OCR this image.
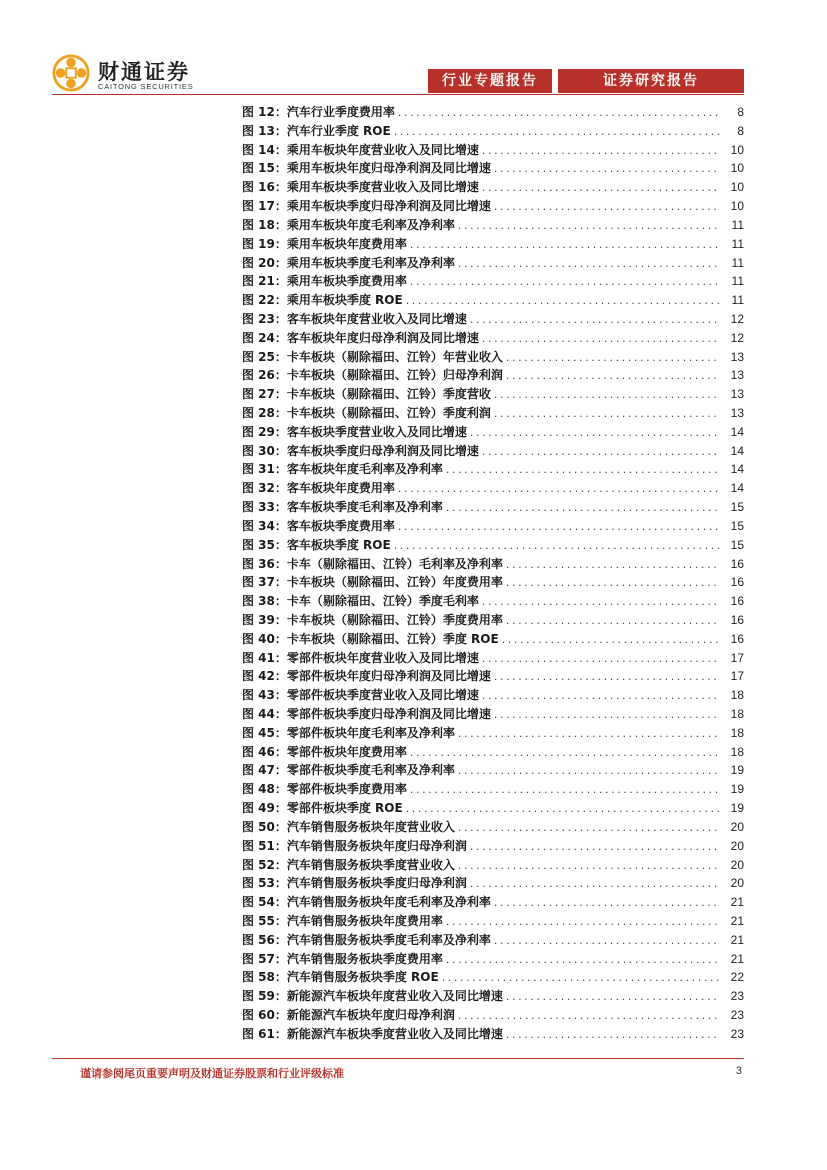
财通证券
CAITONG SECURITIES	行业专题报告	证券研究报告
图 12：汽车行业季度费用率 .....	8
图 13：汽车行业季度 ROE .....	8
图 14：乘用车板块年度营业收入及同比增速 .....	10
图 15：乘用车板块年度归母净利润及同比增速 .....	10
图 16：乘用车板块季度营业收入及同比增速 .....	10
图 17：乘用车板块季度归母净利润及同比增速 .....	10
图 18：乘用车板块年度毛利率及净利率 .....	11
图 19：乘用车板块年度费用率 .....	11
图 20：乘用车板块季度毛利率及净利率 .....	11
图 21：乘用车板块季度费用率 .....	11
图 22：乘用车板块季度 ROE .....	11
图 23：客车板块年度营业收入及同比增速 .....	12
图 24：客车板块年度归母净利润及同比增速 .....	12
图 25：卡车板块（剔除福田、江铃）年营业收入 .....	13
图 26：卡车板块（剔除福田、江铃）归母净利润 .....	13
图 27：卡车板块（剔除福田、江铃）季度营收 .....	13
图 28：卡车板块（剔除福田、江铃）季度利润 .....	13
图 29：客车板块季度营业收入及同比增速 .....	14
图 30：客车板块季度归母净利润及同比增速 .....	14
图 31：客车板块年度毛利率及净利率 .....	14
图 32：客车板块年度费用率 .....	14
图 33：客车板块季度毛利率及净利率 .....	15
图 34：客车板块季度费用率 .....	15
图 35：客车板块季度 ROE .....	15
图 36：卡车（剔除福田、江铃）毛利率及净利率 .....	16
图 37：卡车板块（剔除福田、江铃）年度费用率 .....	16
图 38：卡车（剔除福田、江铃）季度毛利率 .....	16
图 39：卡车板块（剔除福田、江铃）季度费用率 .....	16
图 40：卡车板块（剔除福田、江铃）季度 ROE .....	16
图 41：零部件板块年度营业收入及同比增速 .....	17
图 42：零部件板块年度归母净利润及同比增速 .....	17
图 43：零部件板块季度营业收入及同比增速 .....	18
图 44：零部件板块季度归母净利润及同比增速 .....	18
图 45：零部件板块年度毛利率及净利率 .....	18
图 46：零部件板块年度费用率 .....	18
图 47：零部件板块季度毛利率及净利率 .....	19
图 48：零部件板块季度费用率 .....	19
图 49：零部件板块季度 ROE .....	19
图 50：汽车销售服务板块年度营业收入 .....	20
图 51：汽车销售服务板块年度归母净利润 .....	20
图 52：汽车销售服务板块季度营业收入 .....	20
图 53：汽车销售服务板块季度归母净利润 .....	20
图 54：汽车销售服务板块年度毛利率及净利率 .....	21
图 55：汽车销售服务板块年度费用率 .....	21
图 56：汽车销售服务板块季度毛利率及净利率 .....	21
图 57：汽车销售服务板块季度费用率 .....	21
图 58：汽车销售服务板块季度 ROE .....	22
图 59：新能源汽车板块年度营业收入及同比增速 .....	23
图 60：新能源汽车板块年度归母净利润 .....	23
图 61：新能源汽车板块季度营业收入及同比增速 .....	23
谨请参阅尾页重要声明及财通证券股票和行业评级标准	3
